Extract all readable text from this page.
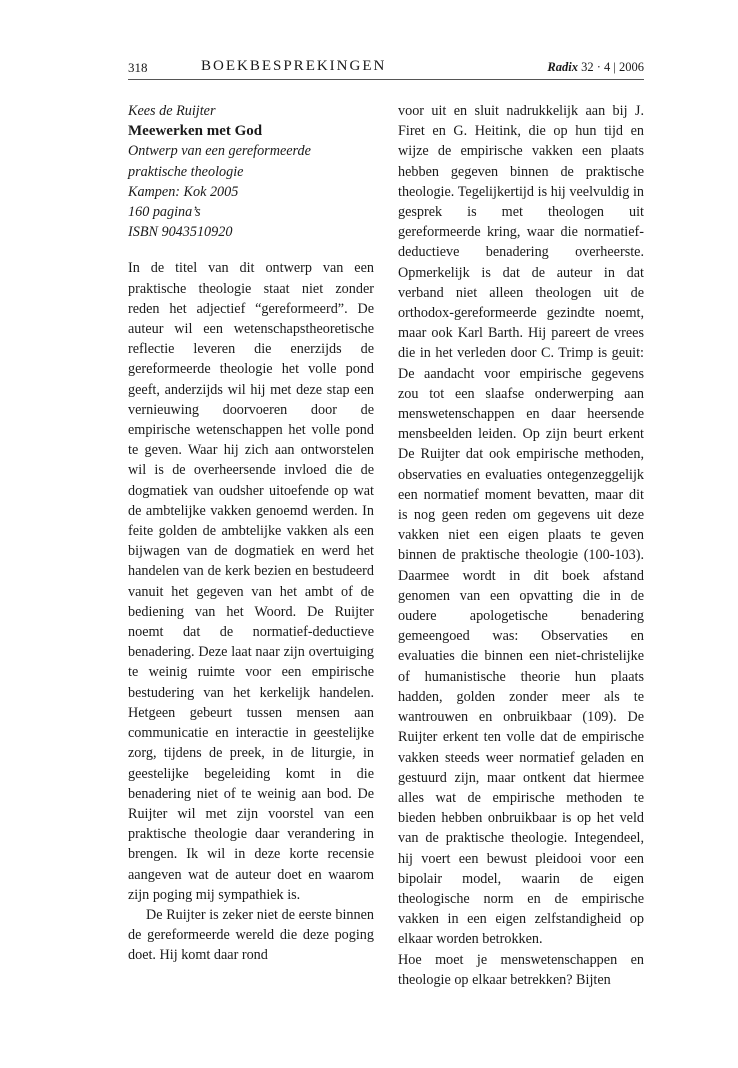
318	BOEKBESPREKINGEN	Radix 32 · 4 | 2006
Kees de Ruijter
Meewerken met God
Ontwerp van een gereformeerde
praktische theologie
Kampen: Kok 2005
160 pagina’s
ISBN 9043510920

In de titel van dit ontwerp van een praktische theologie staat niet zonder reden het adjectief “gereformeerd”. De auteur wil een wetenschapstheoretische reflectie leveren die enerzijds de gereformeerde theologie het volle pond geeft, anderzijds wil hij met deze stap een vernieuwing doorvoeren door de empirische wetenschappen het volle pond te geven. Waar hij zich aan ontworstelen wil is de overheersende invloed die de dogmatiek van oudsher uitoefende op wat de ambtelijke vakken genoemd werden. In feite golden de ambtelijke vakken als een bijwagen van de dogmatiek en werd het handelen van de kerk bezien en bestudeerd vanuit het gegeven van het ambt of de bediening van het Woord. De Ruijter noemt dat de normatief-deductieve benadering. Deze laat naar zijn overtuiging te weinig ruimte voor een empirische bestudering van het kerkelijk handelen. Hetgeen gebeurt tussen mensen aan communicatie en interactie in geestelijke zorg, tijdens de preek, in de liturgie, in geestelijke begeleiding komt in die benadering niet of te weinig aan bod. De Ruijter wil met zijn voorstel van een praktische theologie daar verandering in brengen. Ik wil in deze korte recensie aangeven wat de auteur doet en waarom zijn poging mij sympathiek is.

De Ruijter is zeker niet de eerste binnen de gereformeerde wereld die deze poging doet. Hij komt daar rond

voor uit en sluit nadrukkelijk aan bij J. Firet en G. Heitink, die op hun tijd en wijze de empirische vakken een plaats hebben gegeven binnen de praktische theologie. Tegelijkertijd is hij veelvuldig in gesprek is met theologen uit gereformeerde kring, waar die normatief-deductieve benadering overheerste. Opmerkelijk is dat de auteur in dat verband niet alleen theologen uit de orthodox-gereformeerde gezindte noemt, maar ook Karl Barth. Hij pareert de vrees die in het verleden door C. Trimp is geuit: De aandacht voor empirische gegevens zou tot een slaafse onderwerping aan menswetenschappen en daar heersende mensbeelden leiden. Op zijn beurt erkent De Ruijter dat ook empirische methoden, observaties en evaluaties ontegenzeggelijk een normatief moment bevatten, maar dit is nog geen reden om gegevens uit deze vakken niet een eigen plaats te geven binnen de praktische theologie (100-103). Daarmee wordt in dit boek afstand genomen van een opvatting die in de oudere apologetische benadering gemeengoed was: Observaties en evaluaties die binnen een niet-christelijke of humanistische theorie hun plaats hadden, golden zonder meer als te wantrouwen en onbruikbaar (109). De Ruijter erkent ten volle dat de empirische vakken steeds weer normatief geladen en gestuurd zijn, maar ontkent dat hiermee alles wat de empirische methoden te bieden hebben onbruikbaar is op het veld van de praktische theologie. Integendeel, hij voert een bewust pleidooi voor een bipolair model, waarin de eigen theologische norm en de empirische vakken in een eigen zelfstandigheid op elkaar worden betrokken.

Hoe moet je menswetenschappen en theologie op elkaar betrekken? Bijten
